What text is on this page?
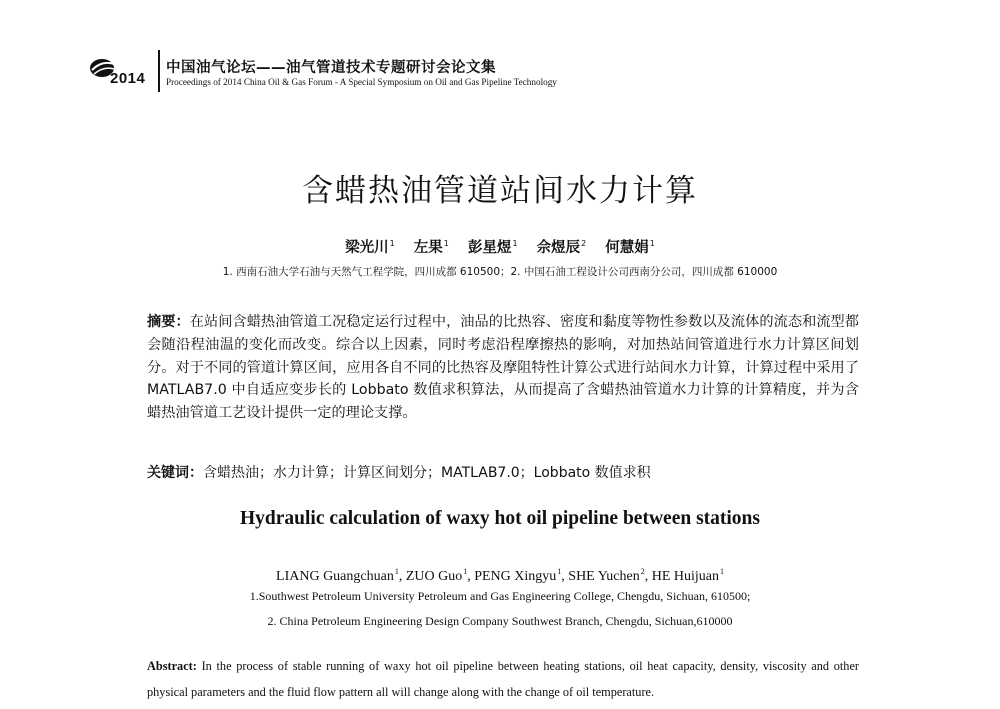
2014
中国油气论坛——油气管道技术专题研讨会论文集
Proceedings of 2014 China Oil & Gas Forum - A Special Symposium on Oil and Gas Pipeline Technology
含蜡热油管道站间水力计算
梁光川$^1$ 左果$^1$ 彭星煜$^1$ 佘煜辰$^2$ 何慧娟$^1$
1. 西南石油大学石油与天然气工程学院，四川成都 610500；2. 中国石油工程设计公司西南分公司，四川成都 610000
摘要：在站间含蜡热油管道工况稳定运行过程中，油品的比热容、密度和黏度等物性参数以及流体的流态和流型都会随沿程油温的变化而改变。综合以上因素，同时考虑沿程摩擦热的影响，对加热站间管道进行水力计算区间划分。对于不同的管道计算区间，应用各自不同的比热容及摩阻特性计算公式进行站间水力计算，计算过程中采用了 MATLAB7.0 中自适应变步长的 Lobbato 数值求积算法，从而提高了含蜡热油管道水力计算的计算精度，并为含蜡热油管道工艺设计提供一定的理论支撑。
关键词：含蜡热油；水力计算；计算区间划分；MATLAB7.0；Lobbato 数值求积
Hydraulic calculation of waxy hot oil pipeline between stations
LIANG Guangchuan$^1$, ZUO Guo$^1$, PENG Xingyu$^1$, SHE Yuchen$^2$, HE Huijuan$^1$
1.Southwest Petroleum University Petroleum and Gas Engineering College, Chengdu, Sichuan, 610500;
2. China Petroleum Engineering Design Company Southwest Branch, Chengdu, Sichuan,610000
Abstract: In the process of stable running of waxy hot oil pipeline between heating stations, oil heat capacity, density, viscosity and other physical parameters and the fluid flow pattern all will change along with the change of oil temperature.
